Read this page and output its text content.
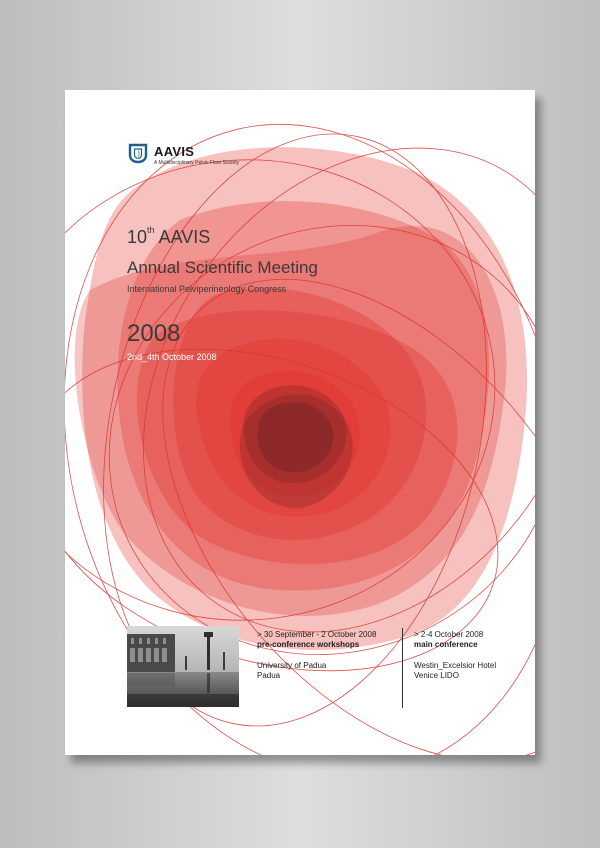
AAVIS
A Multidisciplinary Pelvic Floor Society
10th AAVIS
Annual Scientific Meeting
International Pelviperineology Congress
2008
2nd_4th October 2008
> 30 September - 2 October 2008
pre-conference workshops
University of Padua
Padua
> 2-4 October 2008
main conference
Westin_Excelsior Hotel
Venice LIDO
